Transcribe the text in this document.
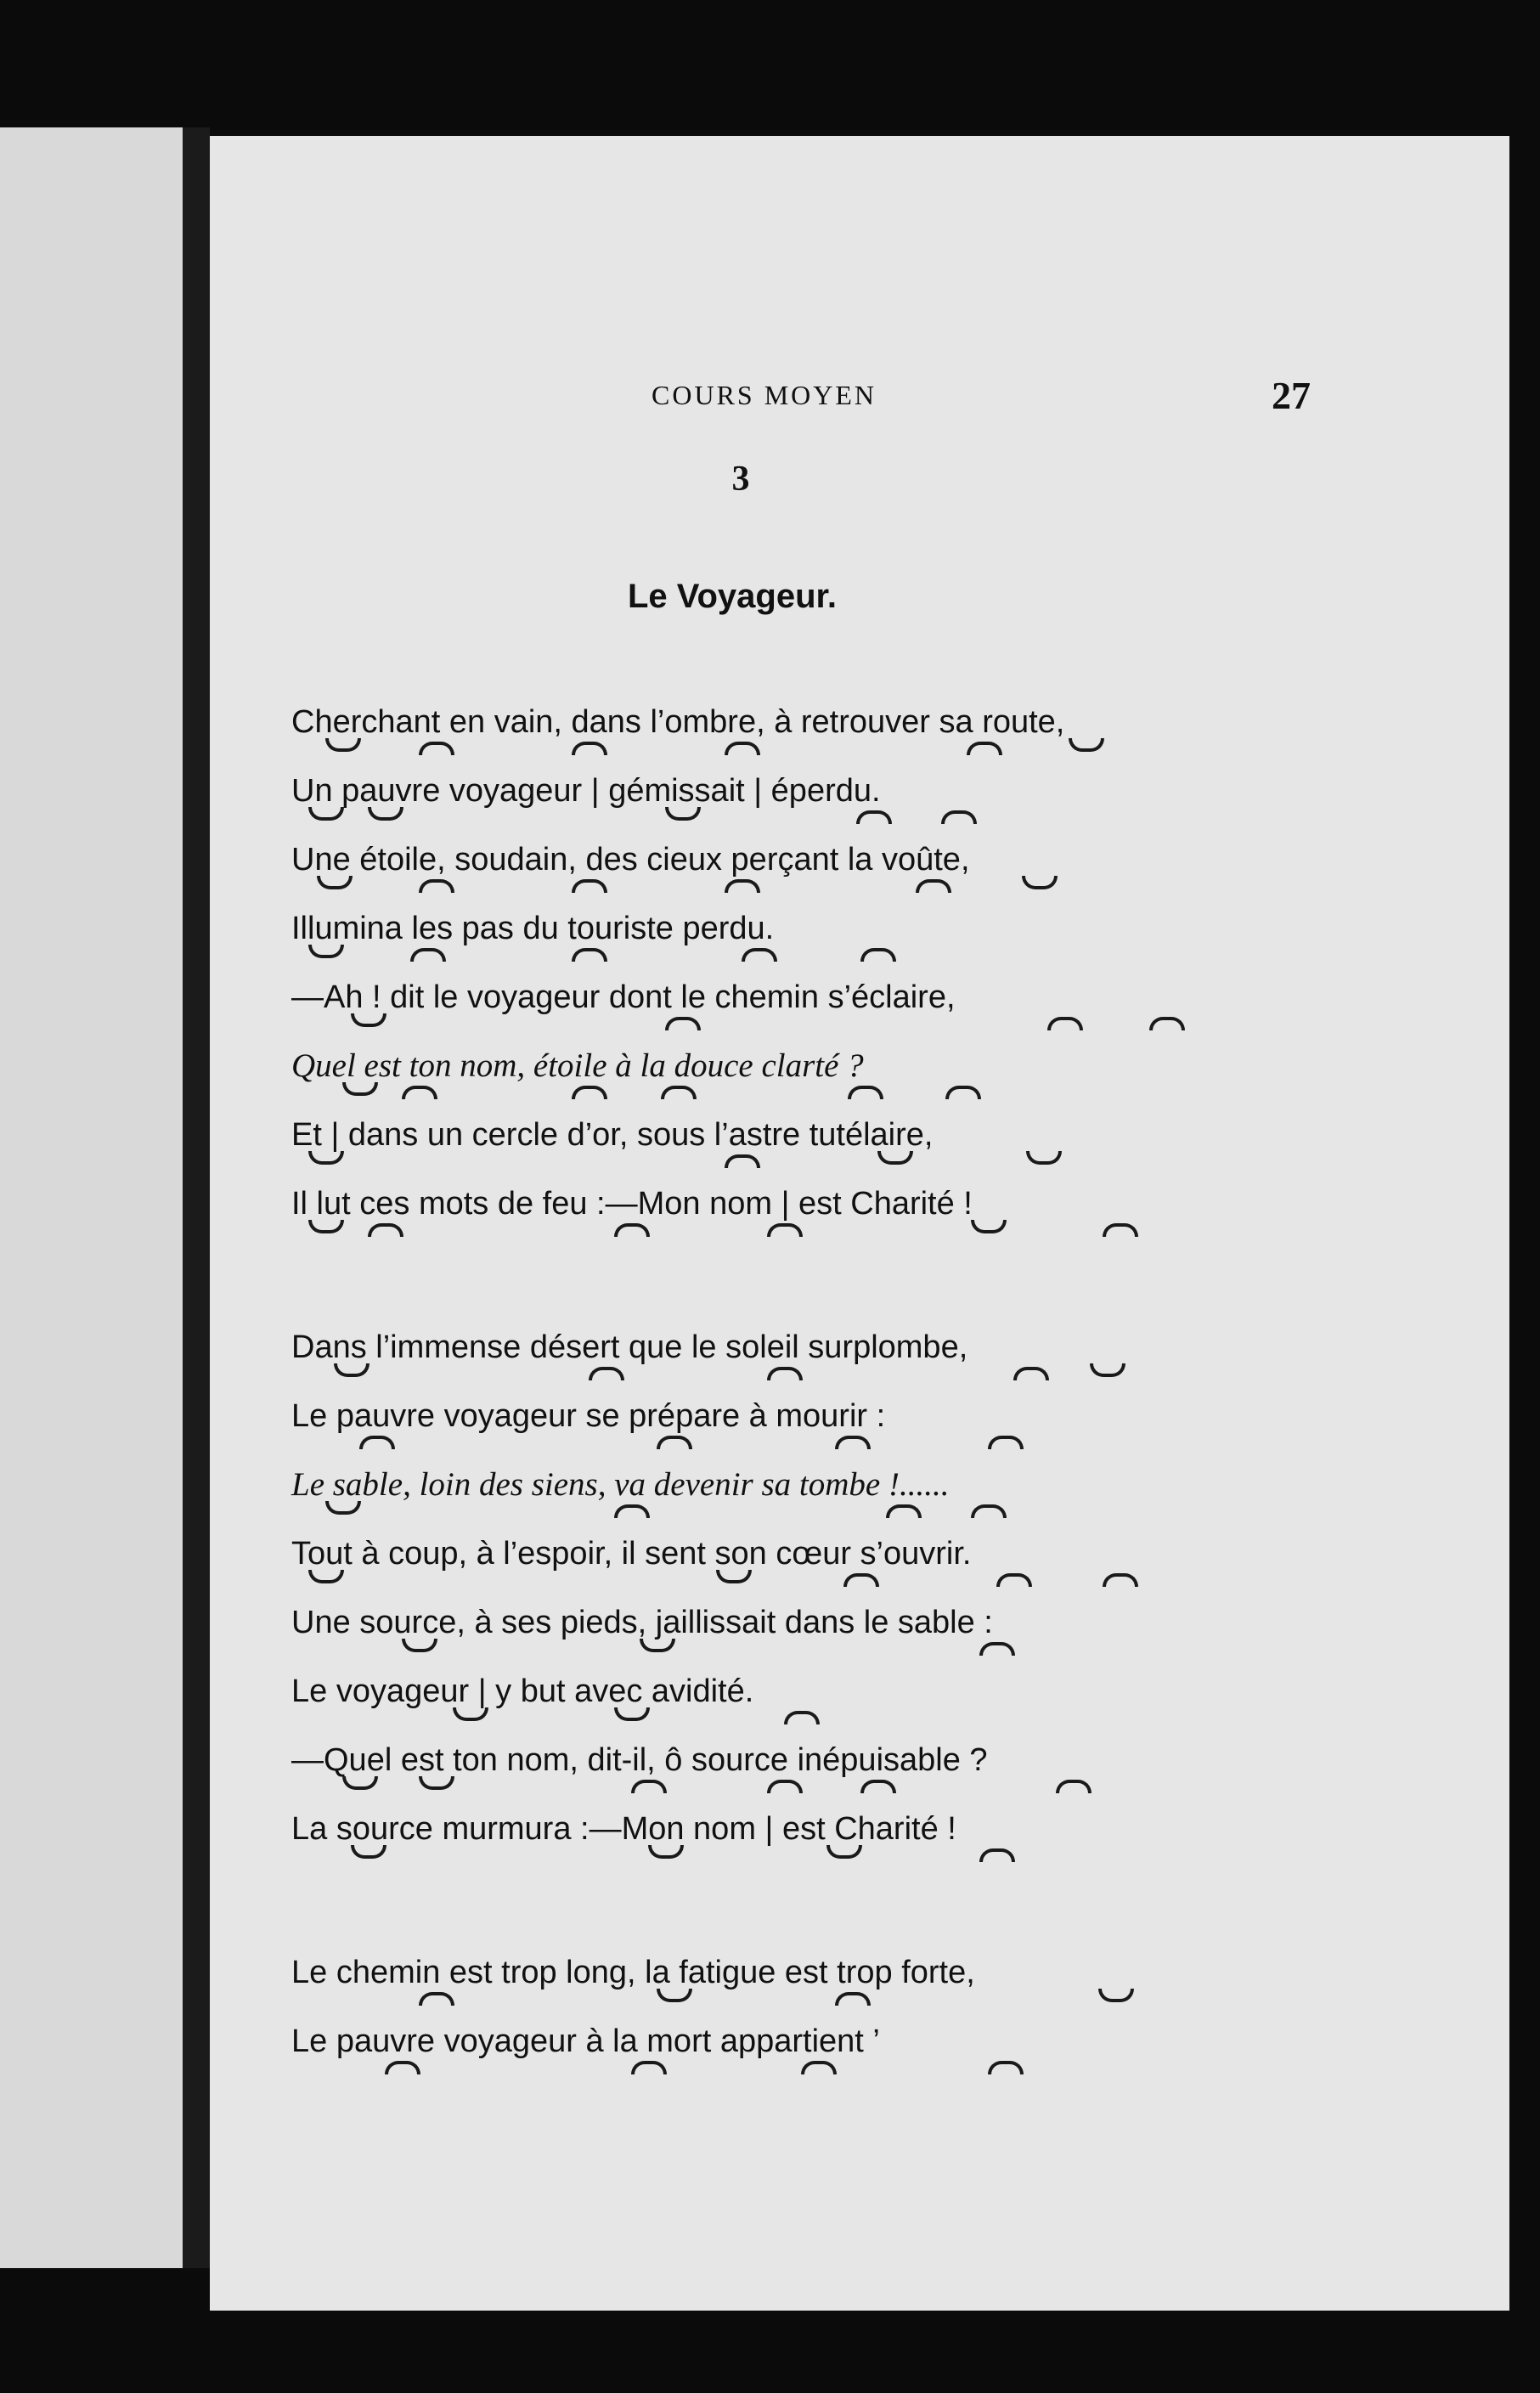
COURS MOYEN	27
3
Le Voyageur.
Cherchant en vain, dans l’ombre, à retrouver sa route,
Un pauvre voyageur | gémissait | éperdu.
Une étoile, soudain, des cieux perçant la voûte,
Illumina les pas du touriste perdu.
—Ah ! dit le voyageur dont le chemin s’éclaire,
Quel est ton nom, étoile à la douce clarté ?
Et | dans un cercle d’or, sous l’astre tutélaire,
Il lut ces mots de feu :—Mon nom | est Charité !
Dans l’immense désert que le soleil surplombe,
Le pauvre voyageur se prépare à mourir :
Le sable, loin des siens, va devenir sa tombe !......
Tout à coup, à l’espoir, il sent son cœur s’ouvrir.
Une source, à ses pieds, jaillissait dans le sable :
Le voyageur | y but avec avidité.
—Quel est ton nom, dit-il, ô source inépuisable ?
La source murmura :—Mon nom | est Charité !
Le chemin est trop long, la fatigue est trop forte,
Le pauvre voyageur à la mort appartient ’
